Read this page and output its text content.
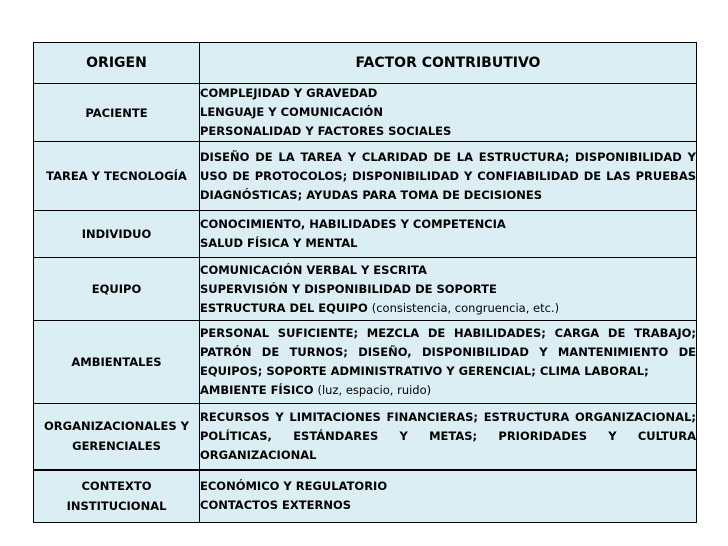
ORIGEN	FACTOR CONTRIBUTIVO
PACIENTE	COMPLEJIDAD Y GRAVEDAD
LENGUAJE Y COMUNICACIÓN
PERSONALIDAD Y FACTORES SOCIALES

TAREA Y TECNOLOGÍA	DISEÑO DE LA TAREA Y CLARIDAD DE LA ESTRUCTURA; DISPONIBILIDAD Y USO DE PROTOCOLOS; DISPONIBILIDAD Y CONFIABILIDAD DE LAS PRUEBAS DIAGNÓSTICAS; AYUDAS PARA TOMA DE DECISIONES

INDIVIDUO	CONOCIMIENTO, HABILIDADES Y COMPETENCIA
SALUD FÍSICA Y MENTAL

EQUIPO	COMUNICACIÓN VERBAL Y ESCRITA
SUPERVISIÓN Y DISPONIBILIDAD DE SOPORTE
ESTRUCTURA DEL EQUIPO (consistencia, congruencia, etc.)

AMBIENTALES	PERSONAL SUFICIENTE; MEZCLA DE HABILIDADES; CARGA DE TRABAJO; PATRÓN DE TURNOS; DISEÑO, DISPONIBILIDAD Y MANTENIMIENTO DE EQUIPOS; SOPORTE ADMINISTRATIVO Y GERENCIAL; CLIMA LABORAL;
AMBIENTE FÍSICO (luz, espacio, ruido)

ORGANIZACIONALES Y
GERENCIALES	RECURSOS Y LIMITACIONES FINANCIERAS; ESTRUCTURA ORGANIZACIONAL; POLÍTICAS, ESTÁNDARES Y METAS; PRIORIDADES Y CULTURA ORGANIZACIONAL

CONTEXTO
INSTITUCIONAL	ECONÓMICO Y REGULATORIO
CONTACTOS EXTERNOS
